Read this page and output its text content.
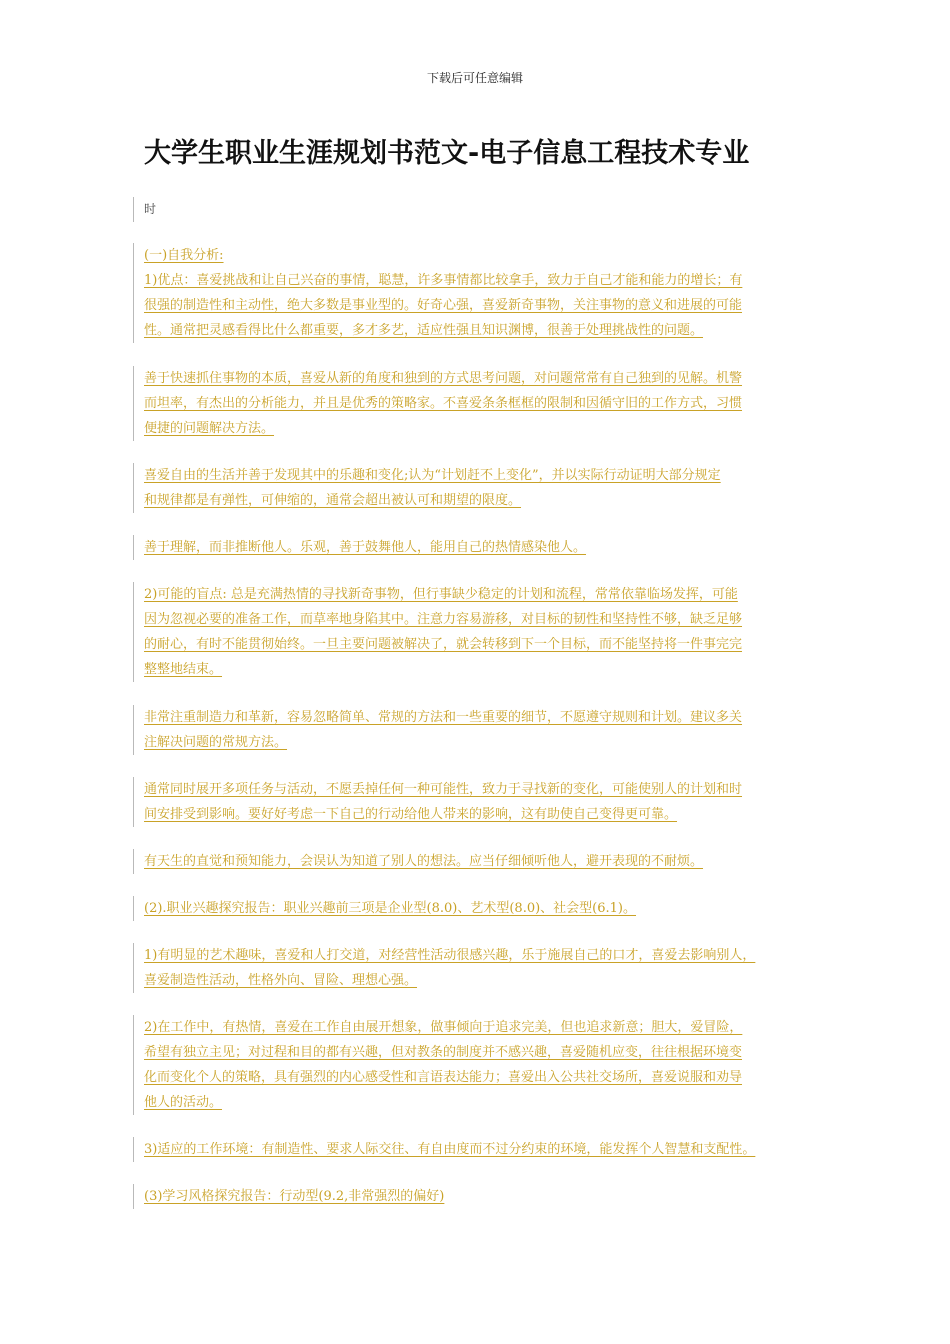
下载后可任意编辑
大学生职业生涯规划书范文-电子信息工程技术专业
时
(一)自我分析:
1)优点：喜爱挑战和让自己兴奋的事情，聪慧，许多事情都比较拿手，致力于自己才能和能力的增长；有
很强的制造性和主动性，绝大多数是事业型的。好奇心强，喜爱新奇事物，关注事物的意义和进展的可能
性。通常把灵感看得比什么都重要，多才多艺，适应性强且知识渊博，很善于处理挑战性的问题。
善于快速抓住事物的本质，喜爱从新的角度和独到的方式思考问题，对问题常常有自己独到的见解。机警
而坦率，有杰出的分析能力，并且是优秀的策略家。不喜爱条条框框的限制和因循守旧的工作方式，习惯
便捷的问题解决方法。
喜爱自由的生活并善于发现其中的乐趣和变化;认为“计划赶不上变化”，并以实际行动证明大部分规定
和规律都是有弹性，可伸缩的，通常会超出被认可和期望的限度。
善于理解，而非推断他人。乐观，善于鼓舞他人，能用自己的热情感染他人。
2)可能的盲点: 总是充满热情的寻找新奇事物，但行事缺少稳定的计划和流程，常常依靠临场发挥，可能
因为忽视必要的准备工作，而草率地身陷其中。注意力容易游移，对目标的韧性和坚持性不够，缺乏足够
的耐心，有时不能贯彻始终。一旦主要问题被解决了，就会转移到下一个目标，而不能坚持将一件事完完
整整地结束。
非常注重制造力和革新，容易忽略简单、常规的方法和一些重要的细节，不愿遵守规则和计划。建议多关
注解决问题的常规方法。
通常同时展开多项任务与活动，不愿丢掉任何一种可能性，致力于寻找新的变化，可能使别人的计划和时
间安排受到影响。要好好考虑一下自己的行动给他人带来的影响，这有助使自己变得更可靠。
有天生的直觉和预知能力，会误认为知道了别人的想法。应当仔细倾听他人，避开表现的不耐烦。
(2).职业兴趣探究报告：职业兴趣前三项是企业型(8.0)、艺术型(8.0)、社会型(6.1)。
1)有明显的艺术趣味，喜爱和人打交道，对经营性活动很感兴趣，乐于施展自己的口才，喜爱去影响别人，
喜爱制造性活动，性格外向、冒险、理想心强。
2)在工作中，有热情，喜爱在工作自由展开想象，做事倾向于追求完美，但也追求新意；胆大，爱冒险，
希望有独立主见；对过程和目的都有兴趣，但对教条的制度并不感兴趣，喜爱随机应变，往往根据环境变
化而变化个人的策略，具有强烈的内心感受性和言语表达能力；喜爱出入公共社交场所，喜爱说服和劝导
他人的活动。
3)适应的工作环境：有制造性、要求人际交往、有自由度而不过分约束的环境，能发挥个人智慧和支配性。
(3)学习风格探究报告：行动型(9.2,非常强烈的偏好)
